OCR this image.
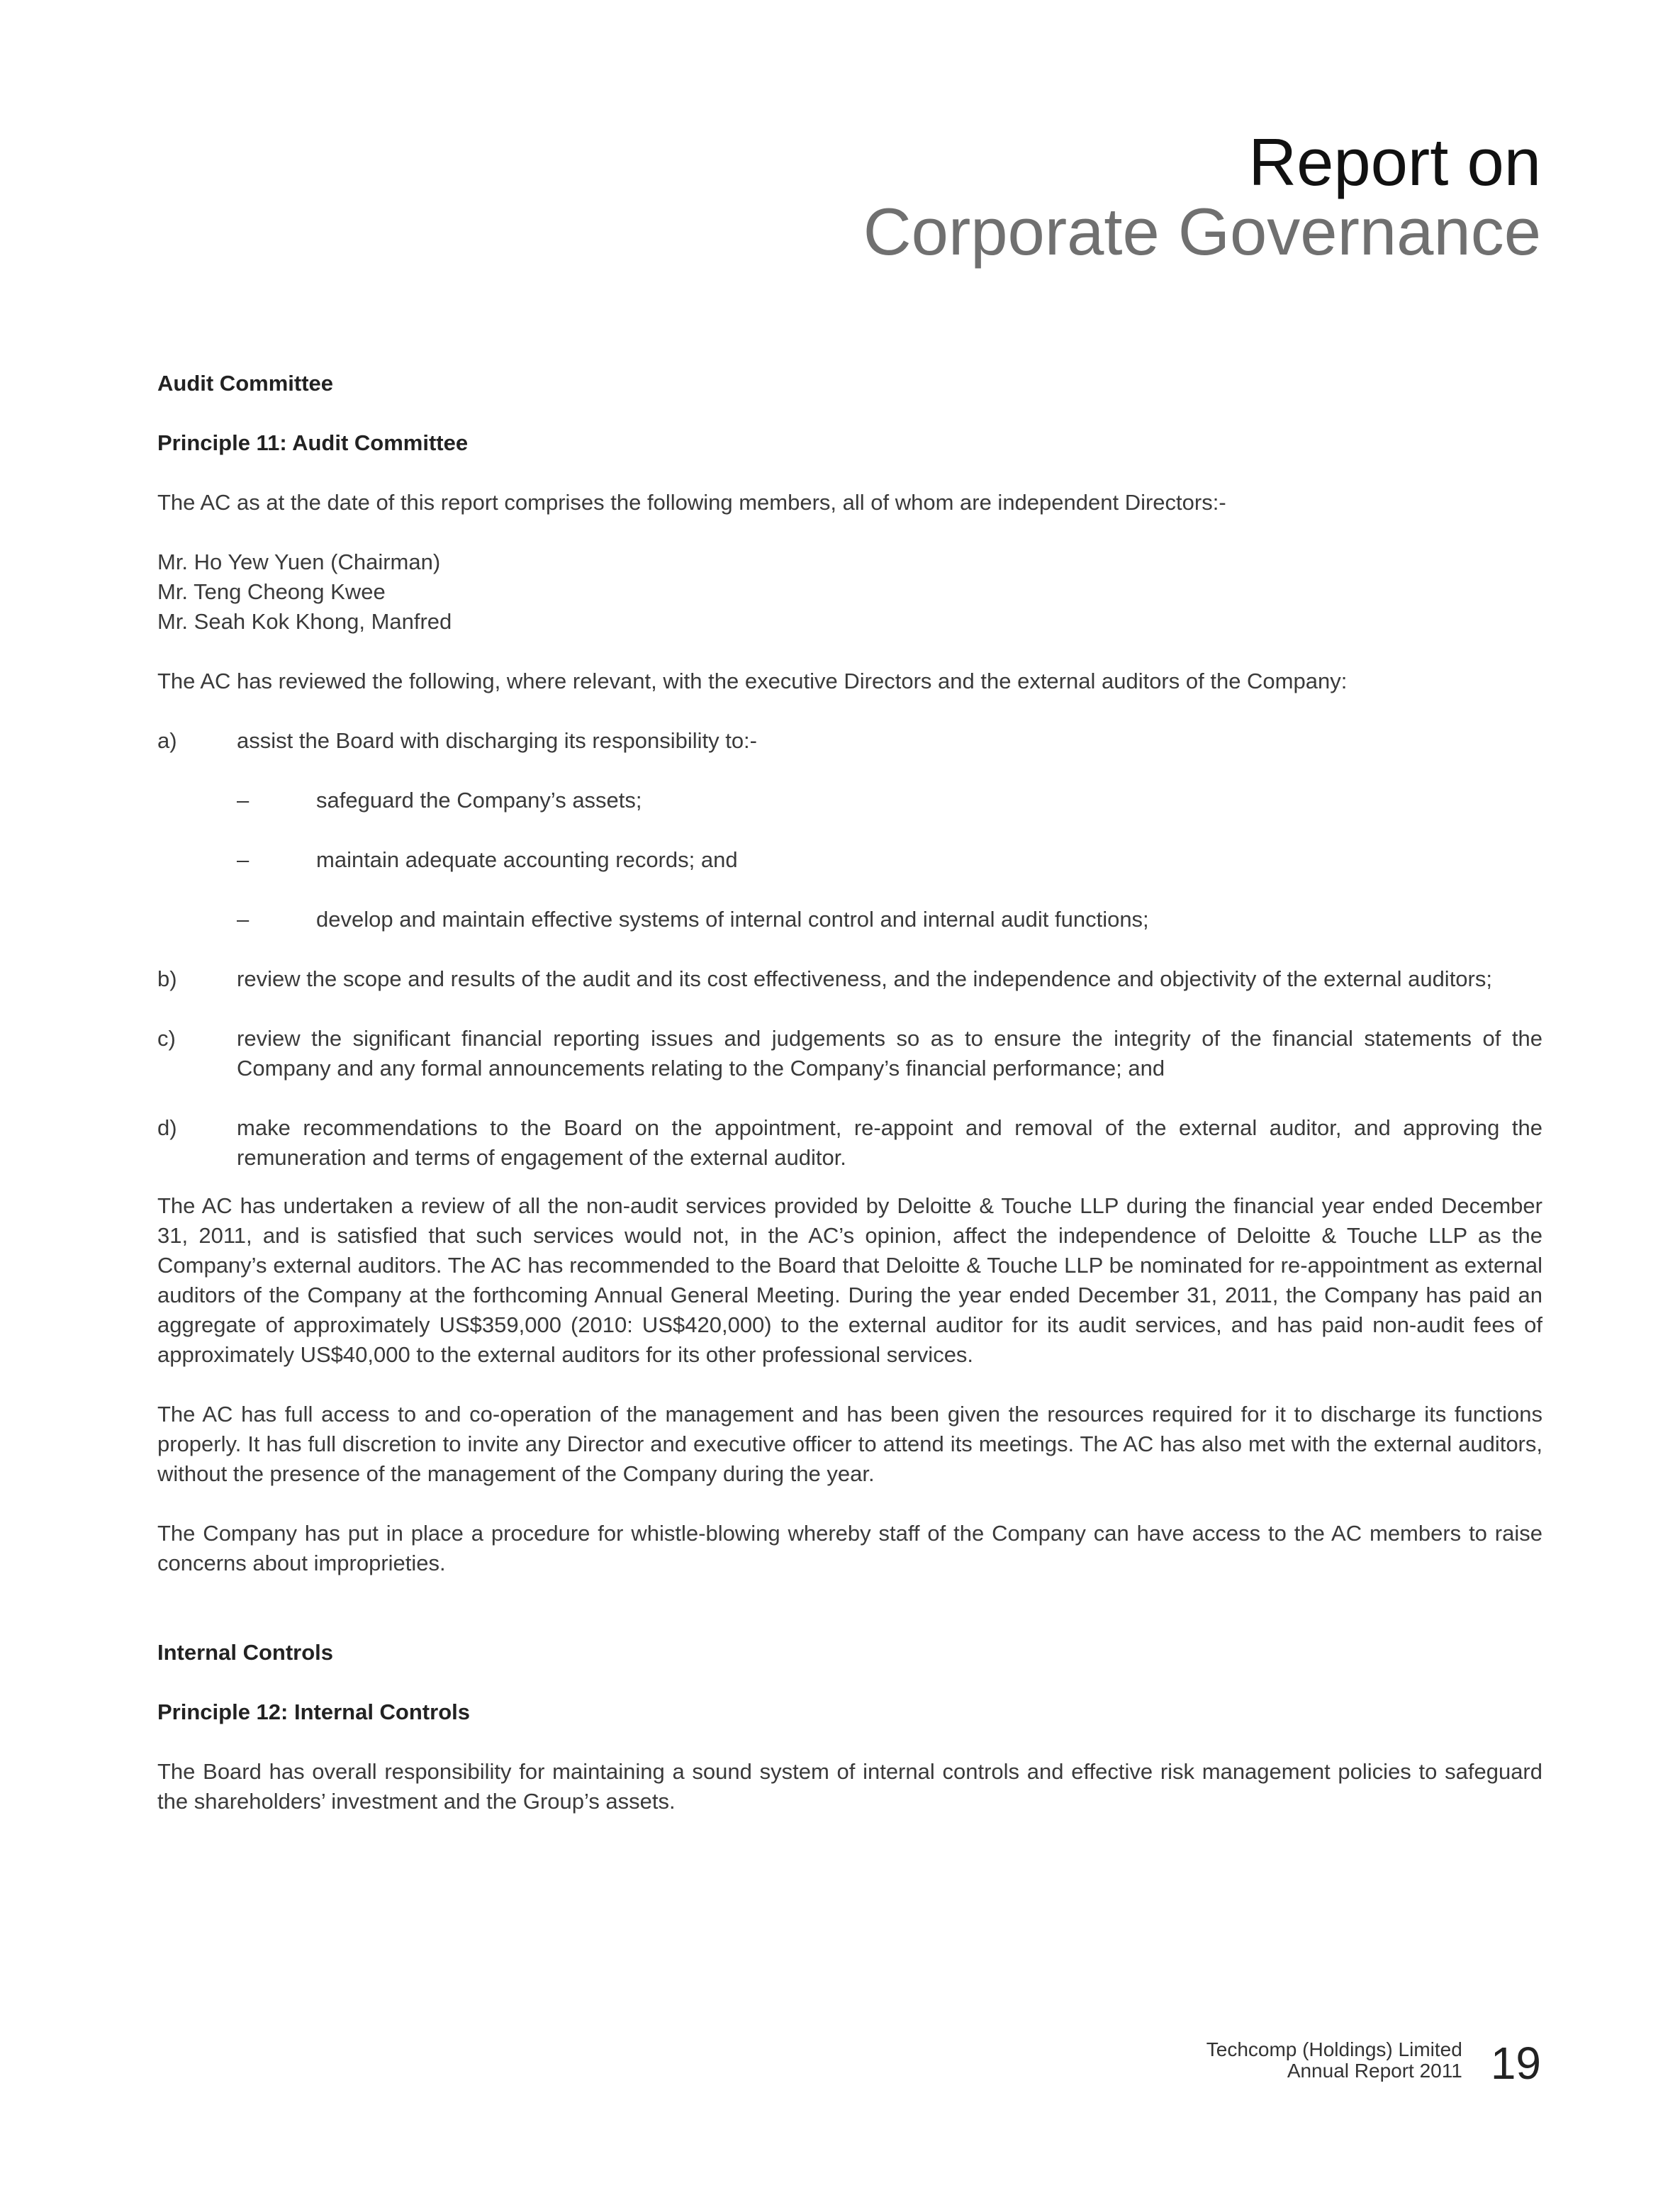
Report on
Corporate Governance

Audit Committee

Principle 11: Audit Committee

The AC as at the date of this report comprises the following members, all of whom are independent Directors:-

Mr. Ho Yew Yuen (Chairman)

Mr. Teng Cheong Kwee

Mr. Seah Kok Khong, Manfred

The AC has reviewed the following, where relevant, with the executive Directors and the external auditors of the Company:

a)	assist the Board with discharging its responsibility to:-
–	safeguard the Company’s assets;
–	maintain adequate accounting records; and
–	develop and maintain effective systems of internal control and internal audit functions;
b)	review the scope and results of the audit and its cost effectiveness, and the independence and objectivity of the external auditors;
c)	review the significant financial reporting issues and judgements so as to ensure the integrity of the financial statements of the Company and any formal announcements relating to the Company’s financial performance; and
d)	make recommendations to the Board on the appointment, re-appoint and removal of the external auditor, and approving the remuneration and terms of engagement of the external auditor.

The AC has undertaken a review of all the non-audit services provided by Deloitte & Touche LLP during the financial year ended December 31, 2011, and is satisfied that such services would not, in the AC’s opinion, affect the independence of Deloitte & Touche LLP as the Company’s external auditors. The AC has recommended to the Board that Deloitte & Touche LLP be nominated for re-appointment as external auditors of the Company at the forthcoming Annual General Meeting. During the year ended December 31, 2011, the Company has paid an aggregate of approximately US$359,000 (2010: US$420,000) to the external auditor for its audit services, and has paid non-audit fees of approximately US$40,000 to the external auditors for its other professional services.

The AC has full access to and co-operation of the management and has been given the resources required for it to discharge its functions properly. It has full discretion to invite any Director and executive officer to attend its meetings. The AC has also met with the external auditors, without the presence of the management of the Company during the year.

The Company has put in place a procedure for whistle-blowing whereby staff of the Company can have access to the AC members to raise concerns about improprieties.

Internal Controls

Principle 12: Internal Controls

The Board has overall responsibility for maintaining a sound system of internal controls and effective risk management policies to safeguard the shareholders’ investment and the Group’s assets.

Techcomp (Holdings) Limited
Annual Report 2011 19
